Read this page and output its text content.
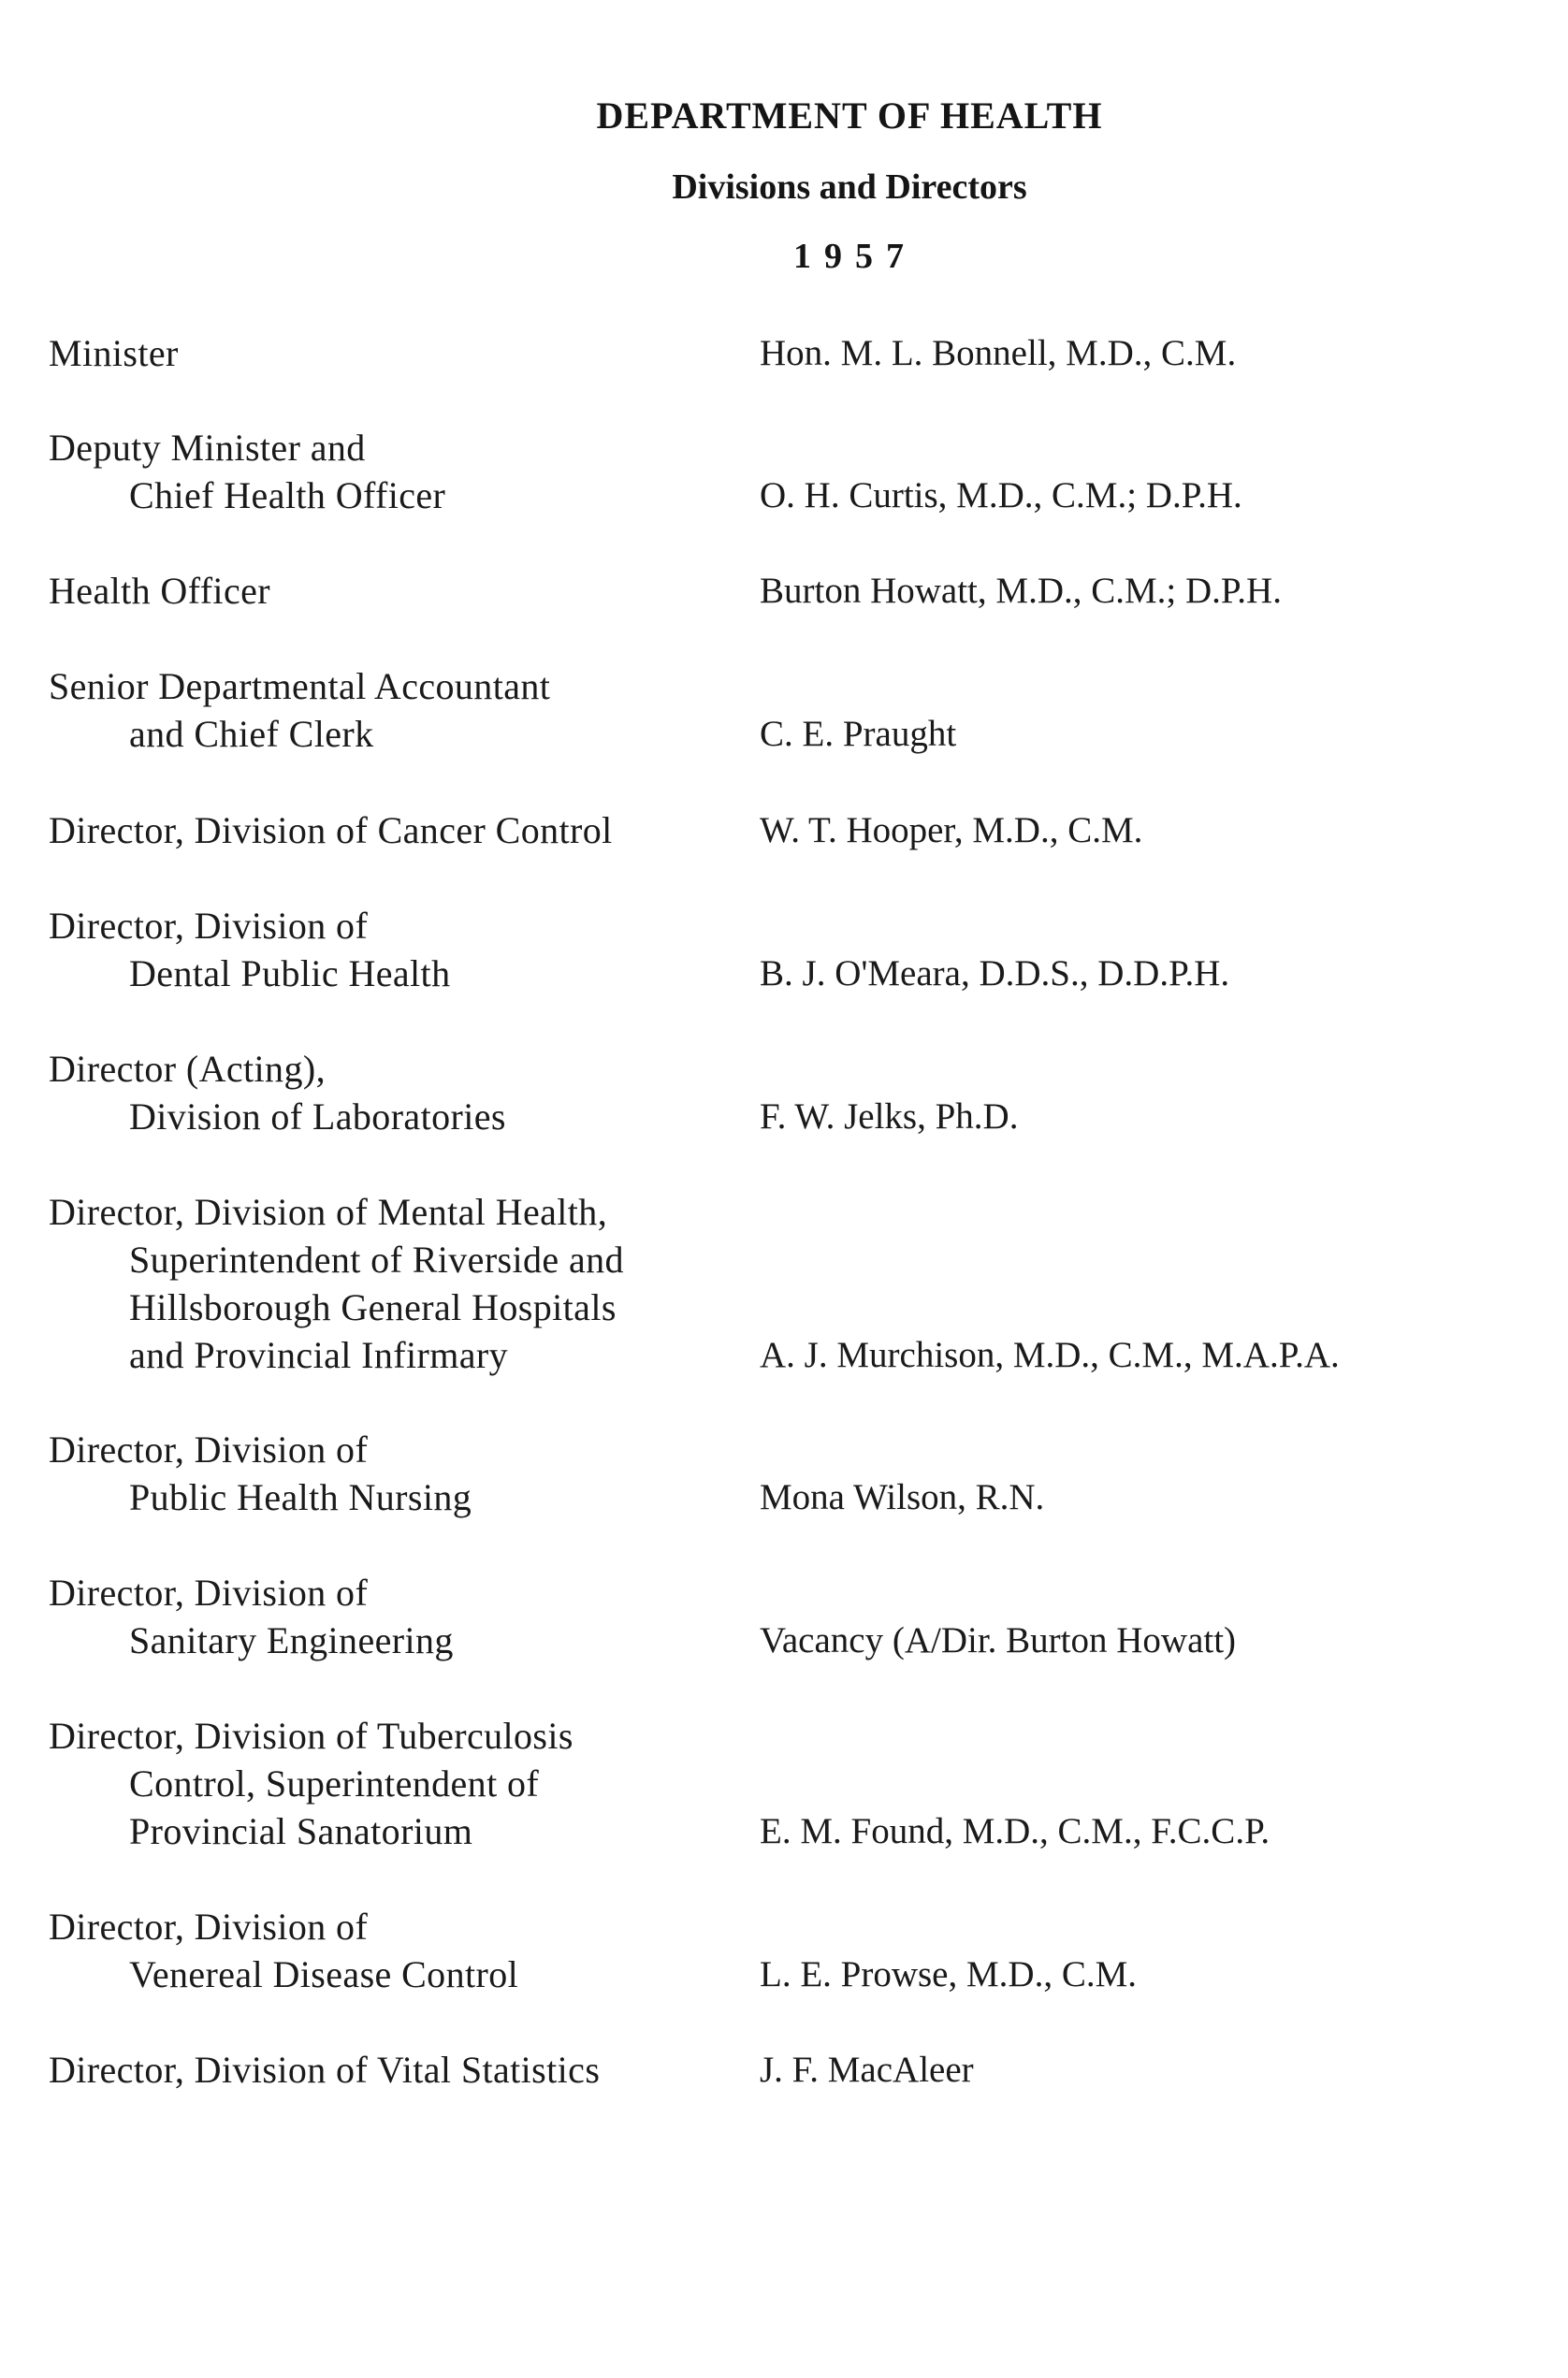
DEPARTMENT OF HEALTH
Divisions and Directors
1957
Minister	Hon. M. L. Bonnell, M.D., C.M.
Deputy Minister and
Chief Health Officer	O. H. Curtis, M.D., C.M.; D.P.H.
Health Officer	Burton Howatt, M.D., C.M.; D.P.H.
Senior Departmental Accountant
and Chief Clerk	C. E. Praught
Director, Division of Cancer Control	W. T. Hooper, M.D., C.M.
Director, Division of
Dental Public Health	B. J. O'Meara, D.D.S., D.D.P.H.
Director (Acting),
Division of Laboratories	F. W. Jelks, Ph.D.
Director, Division of Mental Health,
Superintendent of Riverside and
Hillsborough General Hospitals
and Provincial Infirmary	A. J. Murchison, M.D., C.M., M.A.P.A.
Director, Division of
Public Health Nursing	Mona Wilson, R.N.
Director, Division of
Sanitary Engineering	Vacancy (A/Dir. Burton Howatt)
Director, Division of Tuberculosis
Control, Superintendent of
Provincial Sanatorium	E. M. Found, M.D., C.M., F.C.C.P.
Director, Division of
Venereal Disease Control	L. E. Prowse, M.D., C.M.
Director, Division of Vital Statistics	J. F. MacAleer
